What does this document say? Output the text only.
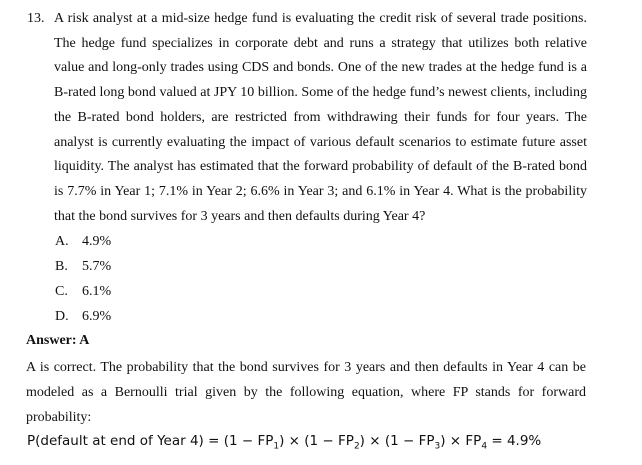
13. A risk analyst at a mid-size hedge fund is evaluating the credit risk of several trade positions. The hedge fund specializes in corporate debt and runs a strategy that utilizes both relative value and long-only trades using CDS and bonds. One of the new trades at the hedge fund is a B-rated long bond valued at JPY 10 billion. Some of the hedge fund’s newest clients, including the B-rated bond holders, are restricted from withdrawing their funds for four years. The analyst is currently evaluating the impact of various default scenarios to estimate future asset liquidity. The analyst has estimated that the forward probability of default of the B-rated bond is 7.7% in Year 1; 7.1% in Year 2; 6.6% in Year 3; and 6.1% in Year 4. What is the probability that the bond survives for 3 years and then defaults during Year 4?

A. 4.9%
B. 5.7%
C. 6.1%
D. 6.9%
Answer: A

A is correct. The probability that the bond survives for 3 years and then defaults in Year 4 can be modeled as a Bernoulli trial given by the following equation, where FP stands for forward probability:

P(default at end of Year $4) = (1 - FP_1) \times (1 - FP_2) \times (1 - FP_3) \times FP_4 = 4.9\%$
